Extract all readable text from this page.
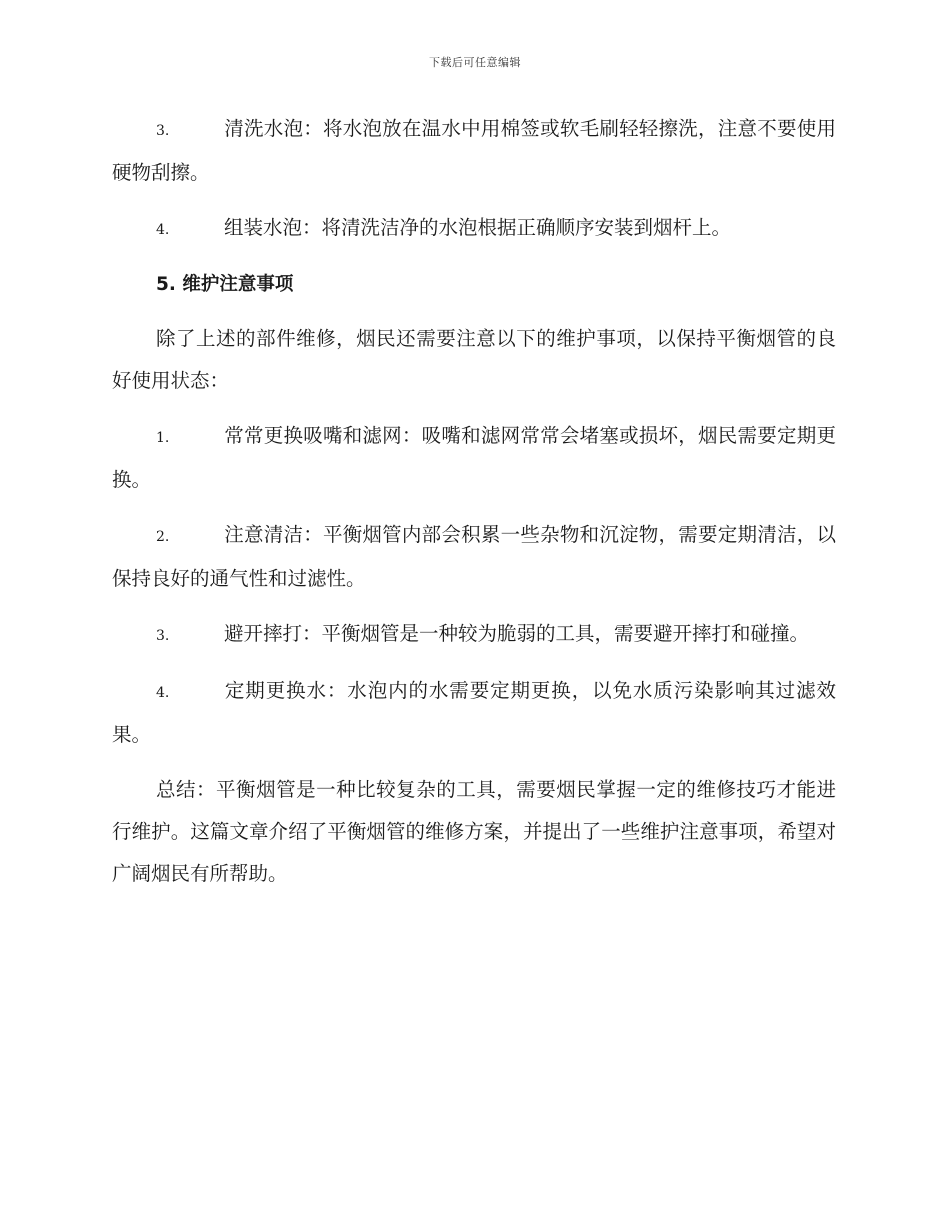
下载后可任意编辑

3.	清洗水泡：将水泡放在温水中用棉签或软毛刷轻轻擦洗，注意不要使用硬物刮擦。

4.	组装水泡：将清洗洁净的水泡根据正确顺序安装到烟杆上。

5. 维护注意事项

除了上述的部件维修，烟民还需要注意以下的维护事项，以保持平衡烟管的良好使用状态：

1.	常常更换吸嘴和滤网：吸嘴和滤网常常会堵塞或损坏，烟民需要定期更换。

2.	注意清洁：平衡烟管内部会积累一些杂物和沉淀物，需要定期清洁，以保持良好的通气性和过滤性。

3.	避开摔打：平衡烟管是一种较为脆弱的工具，需要避开摔打和碰撞。

4.	定期更换水：水泡内的水需要定期更换，以免水质污染影响其过滤效果。

总结：平衡烟管是一种比较复杂的工具，需要烟民掌握一定的维修技巧才能进行维护。这篇文章介绍了平衡烟管的维修方案，并提出了一些维护注意事项，希望对广阔烟民有所帮助。
